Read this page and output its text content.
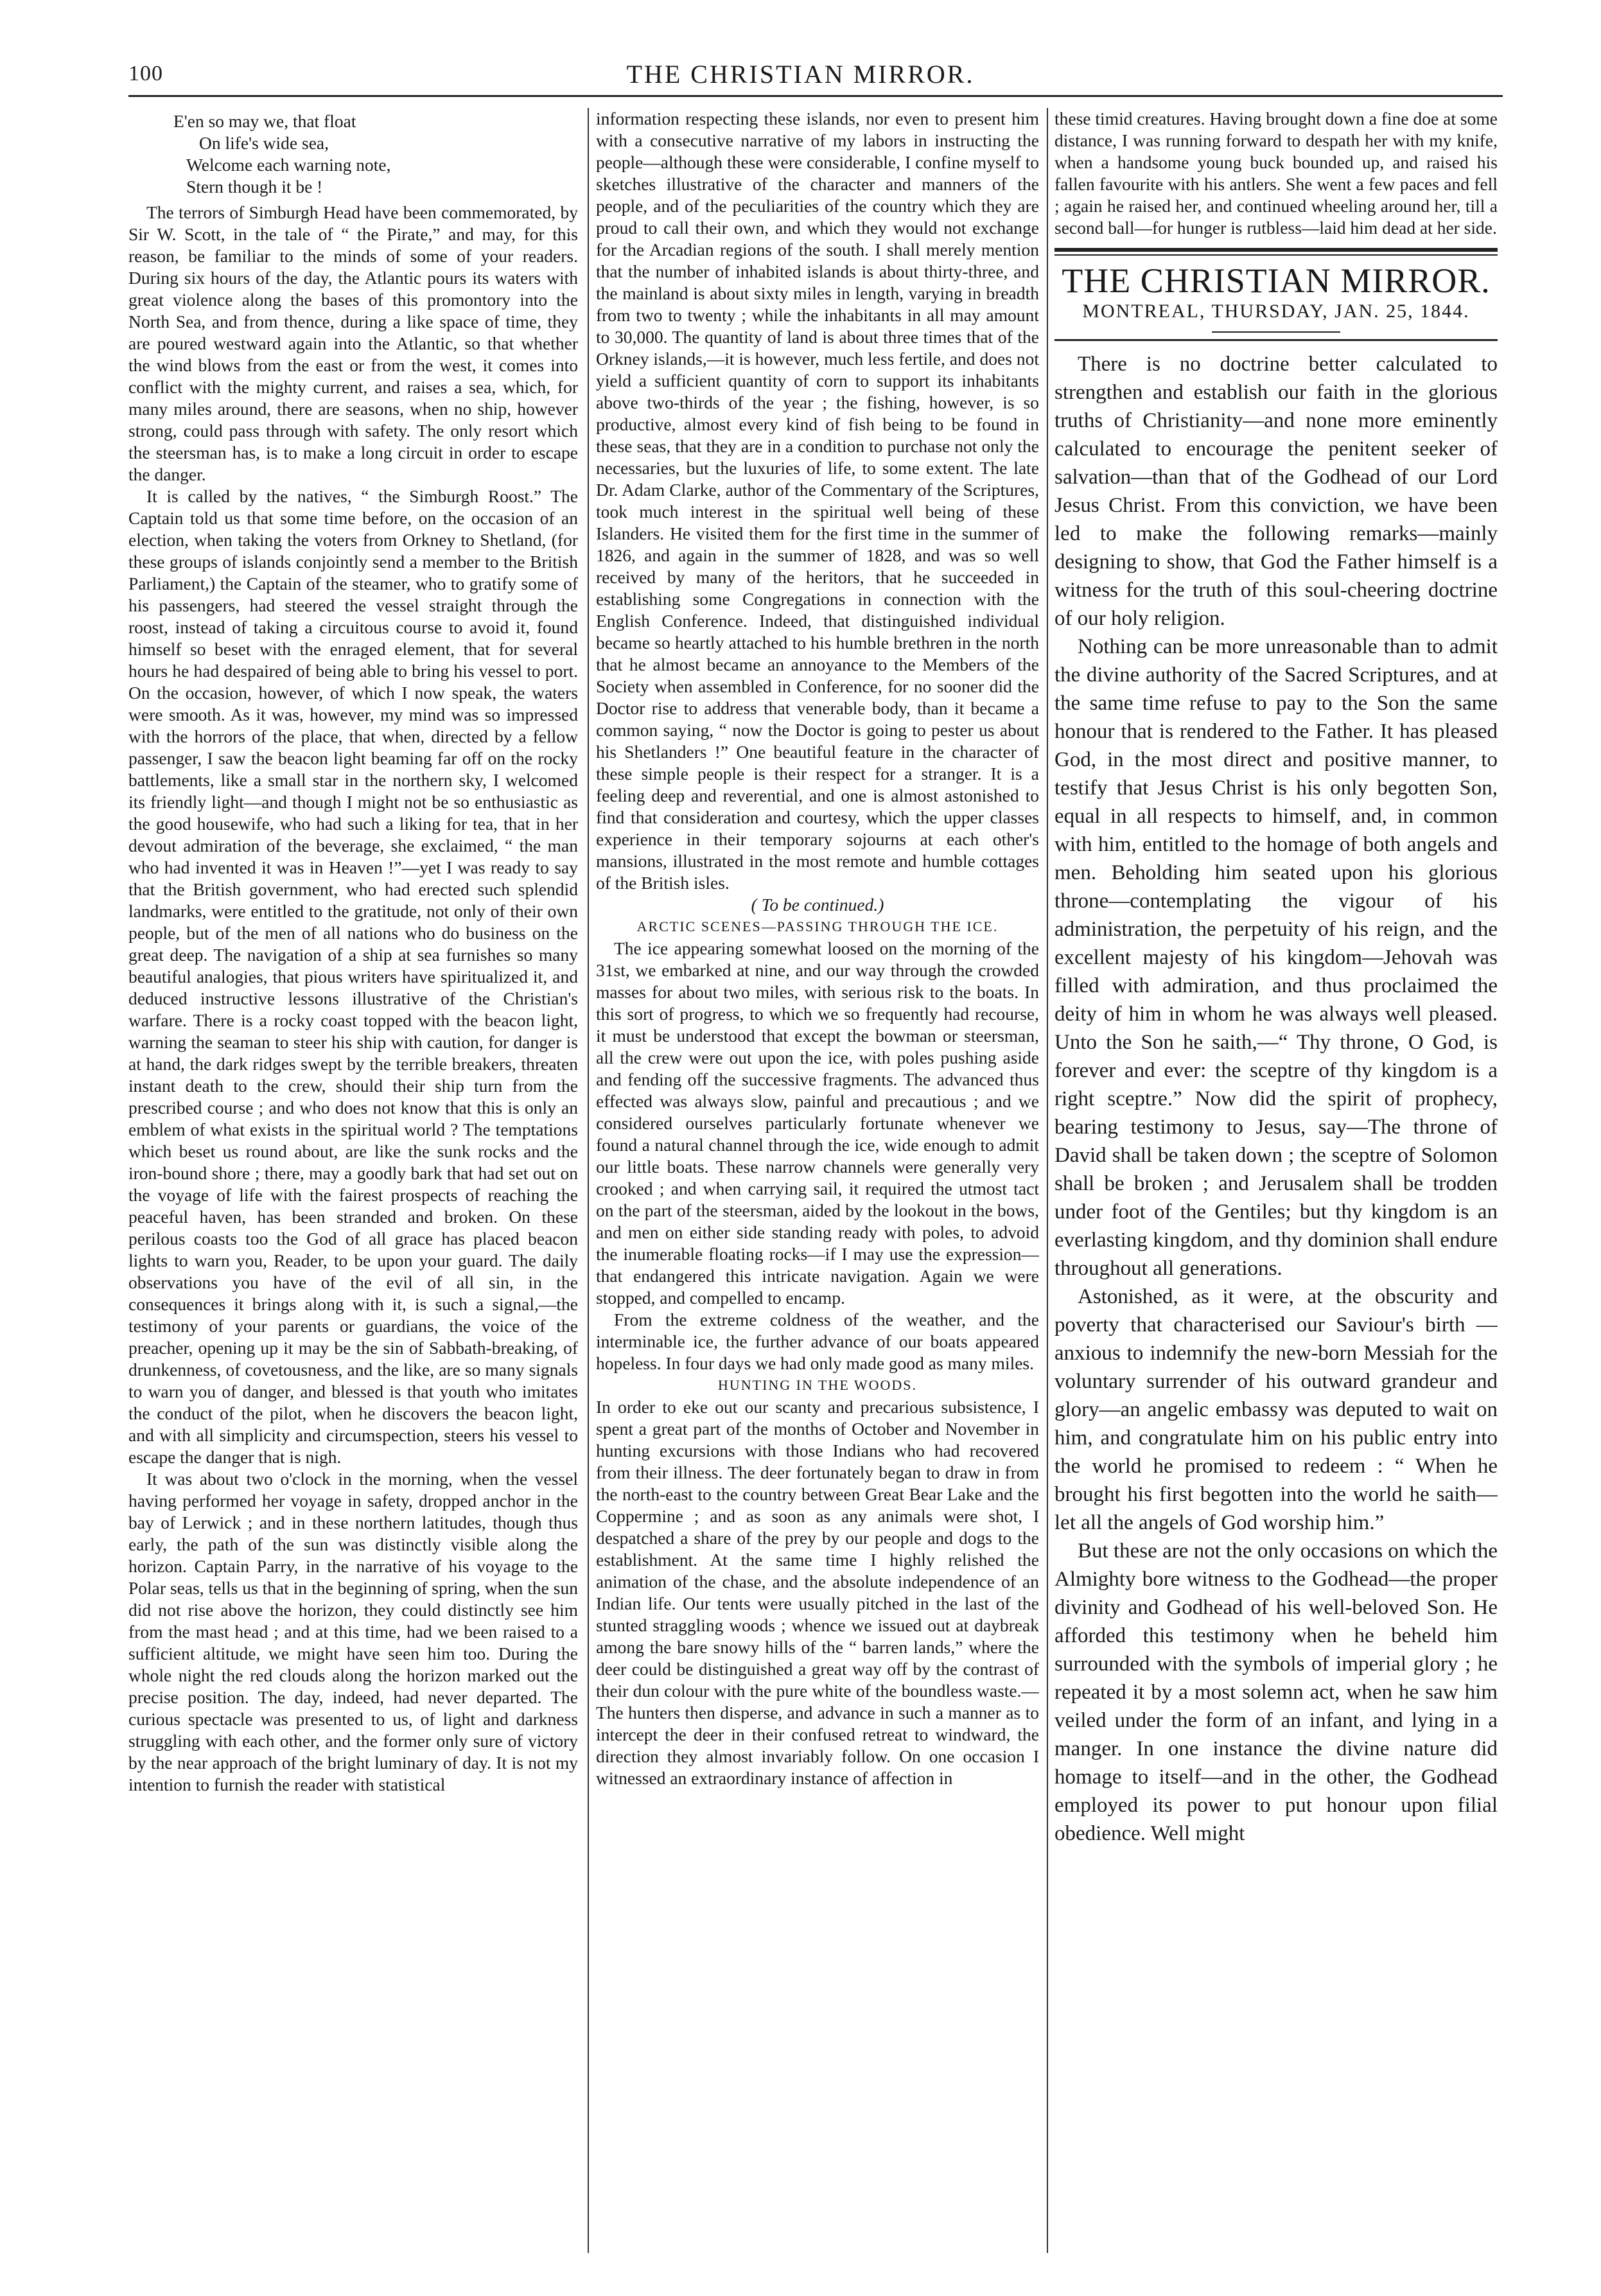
100	THE CHRISTIAN MIRROR.
E'en so may we, that float
On life's wide sea,
Welcome each warning note,
Stern though it be !

The terrors of Simburgh Head have been commemorated, by Sir W. Scott, in the tale of “ the Pirate,” and may, for this reason, be familiar to the minds of some of your readers. During six hours of the day, the Atlantic pours its waters with great violence along the bases of this promontory into the North Sea, and from thence, during a like space of time, they are poured westward again into the Atlantic, so that whether the wind blows from the east or from the west, it comes into conflict with the mighty current, and raises a sea, which, for many miles around, there are seasons, when no ship, however strong, could pass through with safety. The only resort which the steersman has, is to make a long circuit in order to escape the danger.

It is called by the natives, “ the Simburgh Roost.” The Captain told us that some time before, on the occasion of an election, when taking the voters from Orkney to Shetland, (for these groups of islands conjointly send a member to the British Parliament,) the Captain of the steamer, who to gratify some of his passengers, had steered the vessel straight through the roost, instead of taking a circuitous course to avoid it, found himself so beset with the enraged element, that for several hours he had despaired of being able to bring his vessel to port. On the occasion, however, of which I now speak, the waters were smooth. As it was, however, my mind was so impressed with the horrors of the place, that when, directed by a fellow passenger, I saw the beacon light beaming far off on the rocky battlements, like a small star in the northern sky, I welcomed its friendly light—and though I might not be so enthusiastic as the good housewife, who had such a liking for tea, that in her devout admiration of the beverage, she exclaimed, “ the man who had invented it was in Heaven !”—yet I was ready to say that the British government, who had erected such splendid landmarks, were entitled to the gratitude, not only of their own people, but of the men of all nations who do business on the great deep. The navigation of a ship at sea furnishes so many beautiful analogies, that pious writers have spiritualized it, and deduced instructive lessons illustrative of the Christian's warfare. There is a rocky coast topped with the beacon light, warning the seaman to steer his ship with caution, for danger is at hand, the dark ridges swept by the terrible breakers, threaten instant death to the crew, should their ship turn from the prescribed course ; and who does not know that this is only an emblem of what exists in the spiritual world ? The temptations which beset us round about, are like the sunk rocks and the iron-bound shore ; there, may a goodly bark that had set out on the voyage of life with the fairest prospects of reaching the peaceful haven, has been stranded and broken. On these perilous coasts too the God of all grace has placed beacon lights to warn you, Reader, to be upon your guard. The daily observations you have of the evil of all sin, in the consequences it brings along with it, is such a signal,—the testimony of your parents or guardians, the voice of the preacher, opening up it may be the sin of Sabbath-breaking, of drunkenness, of covetousness, and the like, are so many signals to warn you of danger, and blessed is that youth who imitates the conduct of the pilot, when he discovers the beacon light, and with all simplicity and circumspection, steers his vessel to escape the danger that is nigh.

It was about two o'clock in the morning, when the vessel having performed her voyage in safety, dropped anchor in the bay of Lerwick ; and in these northern latitudes, though thus early, the path of the sun was distinctly visible along the horizon. Captain Parry, in the narrative of his voyage to the Polar seas, tells us that in the beginning of spring, when the sun did not rise above the horizon, they could distinctly see him from the mast head ; and at this time, had we been raised to a sufficient altitude, we might have seen him too. During the whole night the red clouds along the horizon marked out the precise position. The day, indeed, had never departed. The curious spectacle was presented to us, of light and darkness struggling with each other, and the former only sure of victory by the near approach of the bright luminary of day. It is not my intention to furnish the reader with statistical

information respecting these islands, nor even to present him with a consecutive narrative of my labors in instructing the people—although these were considerable, I confine myself to sketches illustrative of the character and manners of the people, and of the peculiarities of the country which they are proud to call their own, and which they would not exchange for the Arcadian regions of the south. I shall merely mention that the number of inhabited islands is about thirty-three, and the mainland is about sixty miles in length, varying in breadth from two to twenty ; while the inhabitants in all may amount to 30,000. The quantity of land is about three times that of the Orkney islands,—it is however, much less fertile, and does not yield a sufficient quantity of corn to support its inhabitants above two-thirds of the year ; the fishing, however, is so productive, almost every kind of fish being to be found in these seas, that they are in a condition to purchase not only the necessaries, but the luxuries of life, to some extent. The late Dr. Adam Clarke, author of the Commentary of the Scriptures, took much interest in the spiritual well being of these Islanders. He visited them for the first time in the summer of 1826, and again in the summer of 1828, and was so well received by many of the heritors, that he succeeded in establishing some Congregations in connection with the English Conference. Indeed, that distinguished individual became so heartly attached to his humble brethren in the north that he almost became an annoyance to the Members of the Society when assembled in Conference, for no sooner did the Doctor rise to address that venerable body, than it became a common saying, “ now the Doctor is going to pester us about his Shetlanders !” One beautiful feature in the character of these simple people is their respect for a stranger. It is a feeling deep and reverential, and one is almost astonished to find that consideration and courtesy, which the upper classes experience in their temporary sojourns at each other's mansions, illustrated in the most remote and humble cottages of the British isles.

( To be continued.)

ARCTIC SCENES—PASSING THROUGH THE ICE.

The ice appearing somewhat loosed on the morning of the 31st, we embarked at nine, and our way through the crowded masses for about two miles, with serious risk to the boats. In this sort of progress, to which we so frequently had recourse, it must be understood that except the bowman or steersman, all the crew were out upon the ice, with poles pushing aside and fending off the successive fragments. The advanced thus effected was always slow, painful and precautious ; and we considered ourselves particularly fortunate whenever we found a natural channel through the ice, wide enough to admit our little boats. These narrow channels were generally very crooked ; and when carrying sail, it required the utmost tact on the part of the steersman, aided by the lookout in the bows, and men on either side standing ready with poles, to advoid the inumerable floating rocks—if I may use the expression—that endangered this intricate navigation. Again we were stopped, and compelled to encamp.

From the extreme coldness of the weather, and the interminable ice, the further advance of our boats appeared hopeless. In four days we had only made good as many miles.

HUNTING IN THE WOODS.

In order to eke out our scanty and precarious subsistence, I spent a great part of the months of October and November in hunting excursions with those Indians who had recovered from their illness. The deer fortunately began to draw in from the north-east to the country between Great Bear Lake and the Coppermine ; and as soon as any animals were shot, I despatched a share of the prey by our people and dogs to the establishment. At the same time I highly relished the animation of the chase, and the absolute independence of an Indian life. Our tents were usually pitched in the last of the stunted straggling woods ; whence we issued out at daybreak among the bare snowy hills of the “ barren lands,” where the deer could be distinguished a great way off by the contrast of their dun colour with the pure white of the boundless waste.—The hunters then disperse, and advance in such a manner as to intercept the deer in their confused retreat to windward, the direction they almost invariably follow. On one occasion I witnessed an extraordinary instance of affection in

these timid creatures. Having brought down a fine doe at some distance, I was running forward to despath her with my knife, when a handsome young buck bounded up, and raised his fallen favourite with his antlers. She went a few paces and fell ; again he raised her, and continued wheeling around her, till a second ball—for hunger is rutbless—laid him dead at her side.

THE CHRISTIAN MIRROR.
MONTREAL, THURSDAY, JAN. 25, 1844.

There is no doctrine better calculated to strengthen and establish our faith in the glorious truths of Christianity—and none more eminently calculated to encourage the penitent seeker of salvation—than that of the Godhead of our Lord Jesus Christ. From this conviction, we have been led to make the following remarks—mainly designing to show, that God the Father himself is a witness for the truth of this soul-cheering doctrine of our holy religion.

Nothing can be more unreasonable than to admit the divine authority of the Sacred Scriptures, and at the same time refuse to pay to the Son the same honour that is rendered to the Father. It has pleased God, in the most direct and positive manner, to testify that Jesus Christ is his only begotten Son, equal in all respects to himself, and, in common with him, entitled to the homage of both angels and men. Beholding him seated upon his glorious throne—contemplating the vigour of his administration, the perpetuity of his reign, and the excellent majesty of his kingdom—Jehovah was filled with admiration, and thus proclaimed the deity of him in whom he was always well pleased. Unto the Son he saith,—“ Thy throne, O God, is forever and ever: the sceptre of thy kingdom is a right sceptre.” Now did the spirit of prophecy, bearing testimony to Jesus, say—The throne of David shall be taken down ; the sceptre of Solomon shall be broken ; and Jerusalem shall be trodden under foot of the Gentiles; but thy kingdom is an everlasting kingdom, and thy dominion shall endure throughout all generations.

Astonished, as it were, at the obscurity and poverty that characterised our Saviour's birth —anxious to indemnify the new-born Messiah for the voluntary surrender of his outward grandeur and glory—an angelic embassy was deputed to wait on him, and congratulate him on his public entry into the world he promised to redeem : “ When he brought his first begotten into the world he saith—let all the angels of God worship him.”

But these are not the only occasions on which the Almighty bore witness to the Godhead—the proper divinity and Godhead of his well-beloved Son. He afforded this testimony when he beheld him surrounded with the symbols of imperial glory ; he repeated it by a most solemn act, when he saw him veiled under the form of an infant, and lying in a manger. In one instance the divine nature did homage to itself—and in the other, the Godhead employed its power to put honour upon filial obedience. Well might
